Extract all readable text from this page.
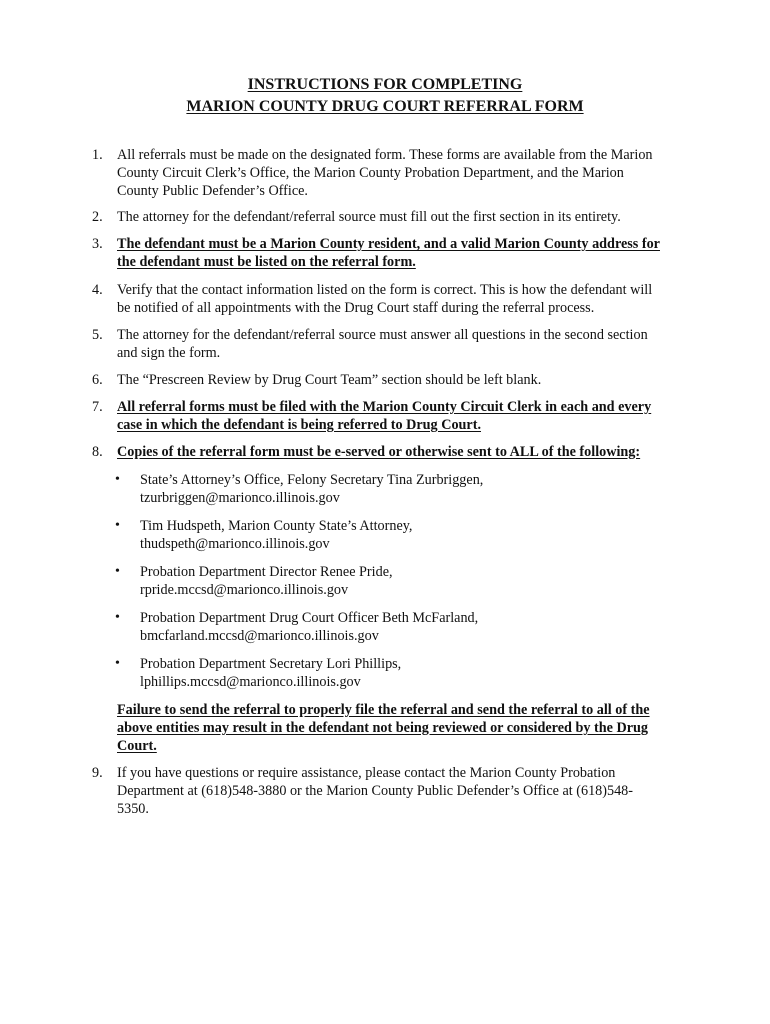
INSTRUCTIONS FOR COMPLETING
MARION COUNTY DRUG COURT REFERRAL FORM
1.	All referrals must be made on the designated form. These forms are available from the Marion
County Circuit Clerk’s Office, the Marion County Probation Department, and the Marion
County Public Defender’s Office.
2.	The attorney for the defendant/referral source must fill out the first section in its entirety.
3.	The defendant must be a Marion County resident, and a valid Marion County address for
the defendant must be listed on the referral form.
4.	Verify that the contact information listed on the form is correct. This is how the defendant will
be notified of all appointments with the Drug Court staff during the referral process.
5.	The attorney for the defendant/referral source must answer all questions in the second section
and sign the form.
6.	The “Prescreen Review by Drug Court Team” section should be left blank.
7.	All referral forms must be filed with the Marion County Circuit Clerk in each and every
case in which the defendant is being referred to Drug Court.
8.	Copies of the referral form must be e-served or otherwise sent to ALL of the following:
•	State’s Attorney’s Office, Felony Secretary Tina Zurbriggen,
tzurbriggen@marionco.illinois.gov
•	Tim Hudspeth, Marion County State’s Attorney,
thudspeth@marionco.illinois.gov
•	Probation Department Director Renee Pride,
rpride.mccsd@marionco.illinois.gov
•	Probation Department Drug Court Officer Beth McFarland,
bmcfarland.mccsd@marionco.illinois.gov
•	Probation Department Secretary Lori Phillips,
lphillips.mccsd@marionco.illinois.gov
Failure to send the referral to properly file the referral and send the referral to all of the
above entities may result in the defendant not being reviewed or considered by the Drug
Court.
9.	If you have questions or require assistance, please contact the Marion County Probation
Department at (618)548-3880 or the Marion County Public Defender’s Office at (618)548-
5350.
